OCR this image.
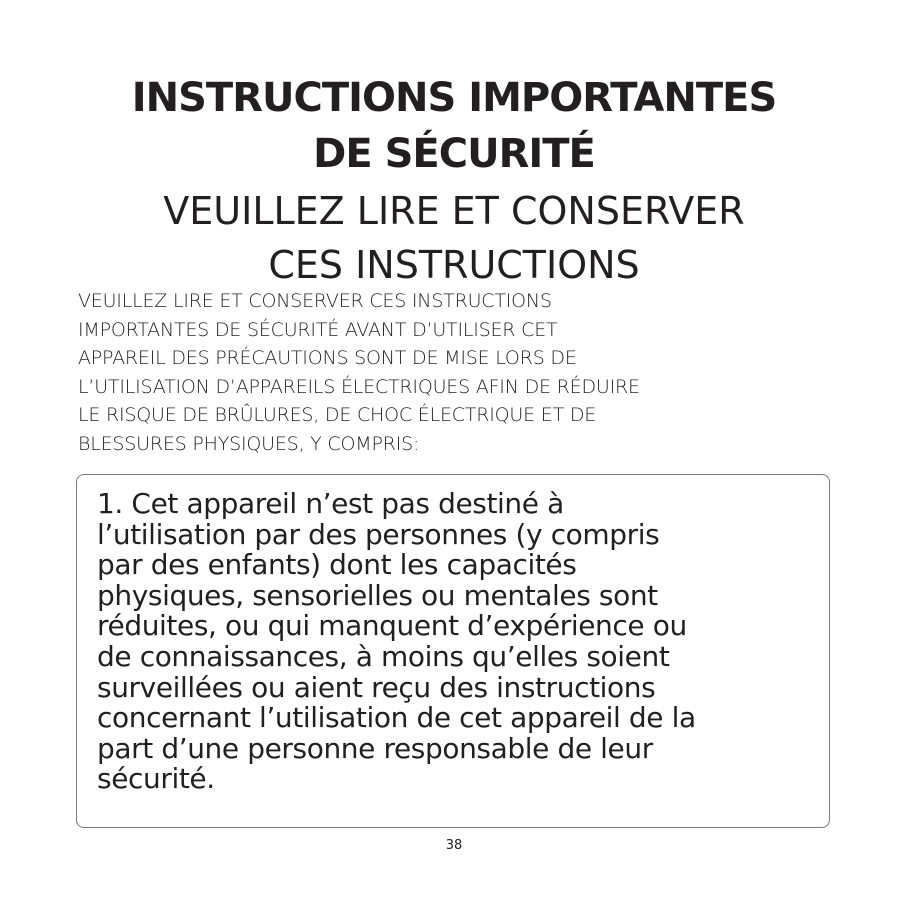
INSTRUCTIONS IMPORTANTES
DE SÉCURITÉ
VEUILLEZ LIRE ET CONSERVER
CES INSTRUCTIONS
VEUILLEZ LIRE ET CONSERVER CES INSTRUCTIONS
IMPORTANTES DE SÉCURITÉ AVANT D’UTILISER CET
APPAREIL DES PRÉCAUTIONS SONT DE MISE LORS DE
L’UTILISATION D’APPAREILS ÉLECTRIQUES AFIN DE RÉDUIRE
LE RISQUE DE BRÛLURES, DE CHOC ÉLECTRIQUE ET DE
BLESSURES PHYSIQUES, Y COMPRIS:
1. Cet appareil n’est pas destiné à
l’utilisation par des personnes (y compris
par des enfants) dont les capacités
physiques, sensorielles ou mentales sont
réduites, ou qui manquent d’expérience ou
de connaissances, à moins qu’elles soient
surveillées ou aient reçu des instructions
concernant l’utilisation de cet appareil de la
part d’une personne responsable de leur
sécurité.
38
